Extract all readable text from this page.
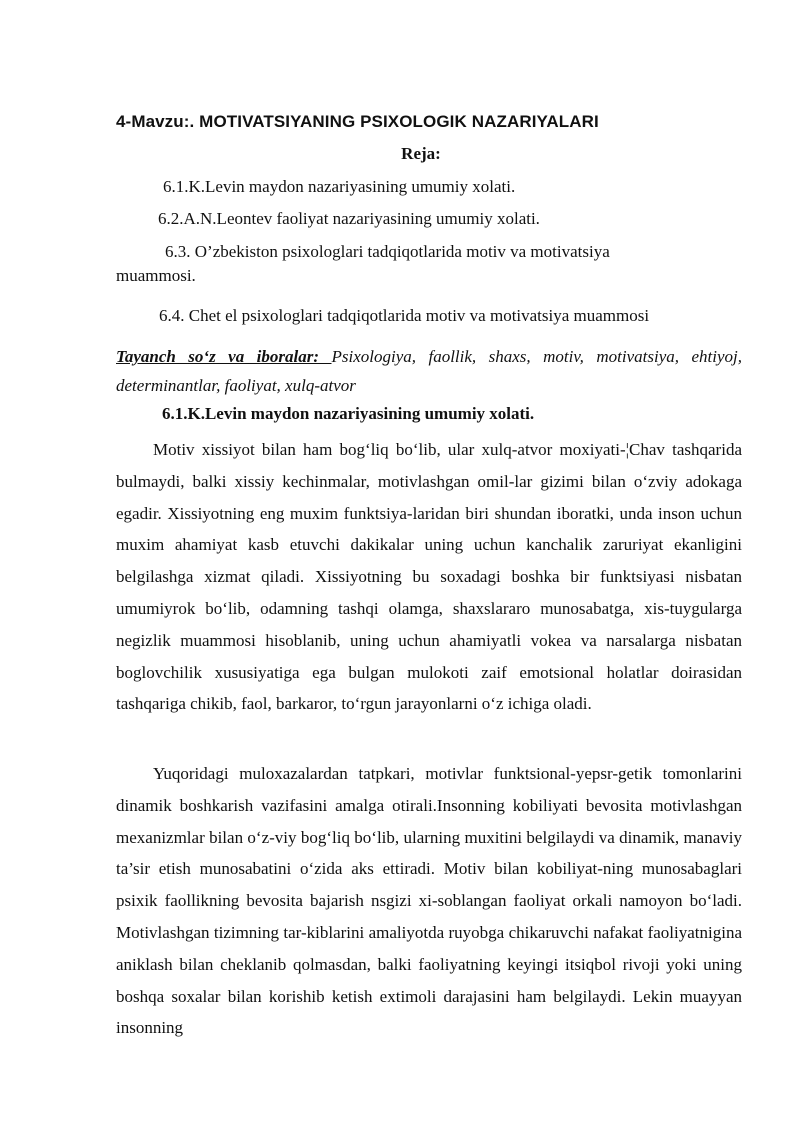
4-Mavzu:. MOTIVATSIYANING PSIXOLOGIK NAZARIYALARI
Reja:
6.1.K.Levin maydon nazariyasining umumiy xolati.
6.2.A.N.Leontev faoliyat nazariyasining umumiy xolati.
6.3. O’zbekiston psixologlari tadqiqotlarida motiv va motivatsiya
muammosi.
6.4. Chet el psixologlari tadqiqotlarida motiv va motivatsiya muammosi
Tayanch so‘z va iboralar: Psixologiya, faollik, shaxs, motiv, motivatsiya, ehtiyoj, determinantlar, faoliyat, xulq-atvor
6.1.K.Levin maydon nazariyasining umumiy xolati.

Motiv xissiyot bilan ham bog‘liq bo‘lib, ular xulq-atvor moxiyati-¦Chav tashqarida bulmaydi, balki xissiy kechinmalar, motivlashgan omil-lar gizimi bilan o‘zviy adokaga egadir. Xissiyotning eng muxim funktsiya-laridan biri shundan iboratki, unda inson uchun muxim ahamiyat kasb etuvchi dakikalar uning uchun kanchalik zaruriyat ekanligini belgilashga xizmat qiladi. Xissiyotning bu soxadagi boshka bir funktsiyasi nisbatan umumiyrok bo‘lib, odamning tashqi olamga, shaxslararo munosabatga, xis-tuygularga negizlik muammosi hisoblanib, uning uchun ahamiyatli vokea va narsalarga nisbatan boglovchilik xususiyatiga ega bulgan mulokoti zaif emotsional holatlar doirasidan tashqariga chikib, faol, barkaror, to‘rgun jarayonlarni o‘z ichiga oladi.

Yuqoridagi muloxazalardan tatpkari, motivlar funktsional-yepsr-getik tomonlarini dinamik boshkarish vazifasini amalga otirali.Insonning kobiliyati bevosita motivlashgan mexanizmlar bilan o‘z-viy bog‘liq bo‘lib, ularning muxitini belgilaydi va dinamik, manaviy ta’sir etish munosabatini o‘zida aks ettiradi. Motiv bilan kobiliyat-ning munosabaglari psixik faollikning bevosita bajarish nsgizi xi-soblangan faoliyat orkali namoyon bo‘ladi. Motivlashgan tizimning tar-kiblarini amaliyotda ruyobga chikaruvchi nafakat faoliyatnigina aniklash bilan cheklanib qolmasdan, balki faoliyatning keyingi itsiqbol rivoji yoki uning boshqa soxalar bilan korishib ketish extimoli darajasini ham belgilaydi. Lekin muayyan insonning
